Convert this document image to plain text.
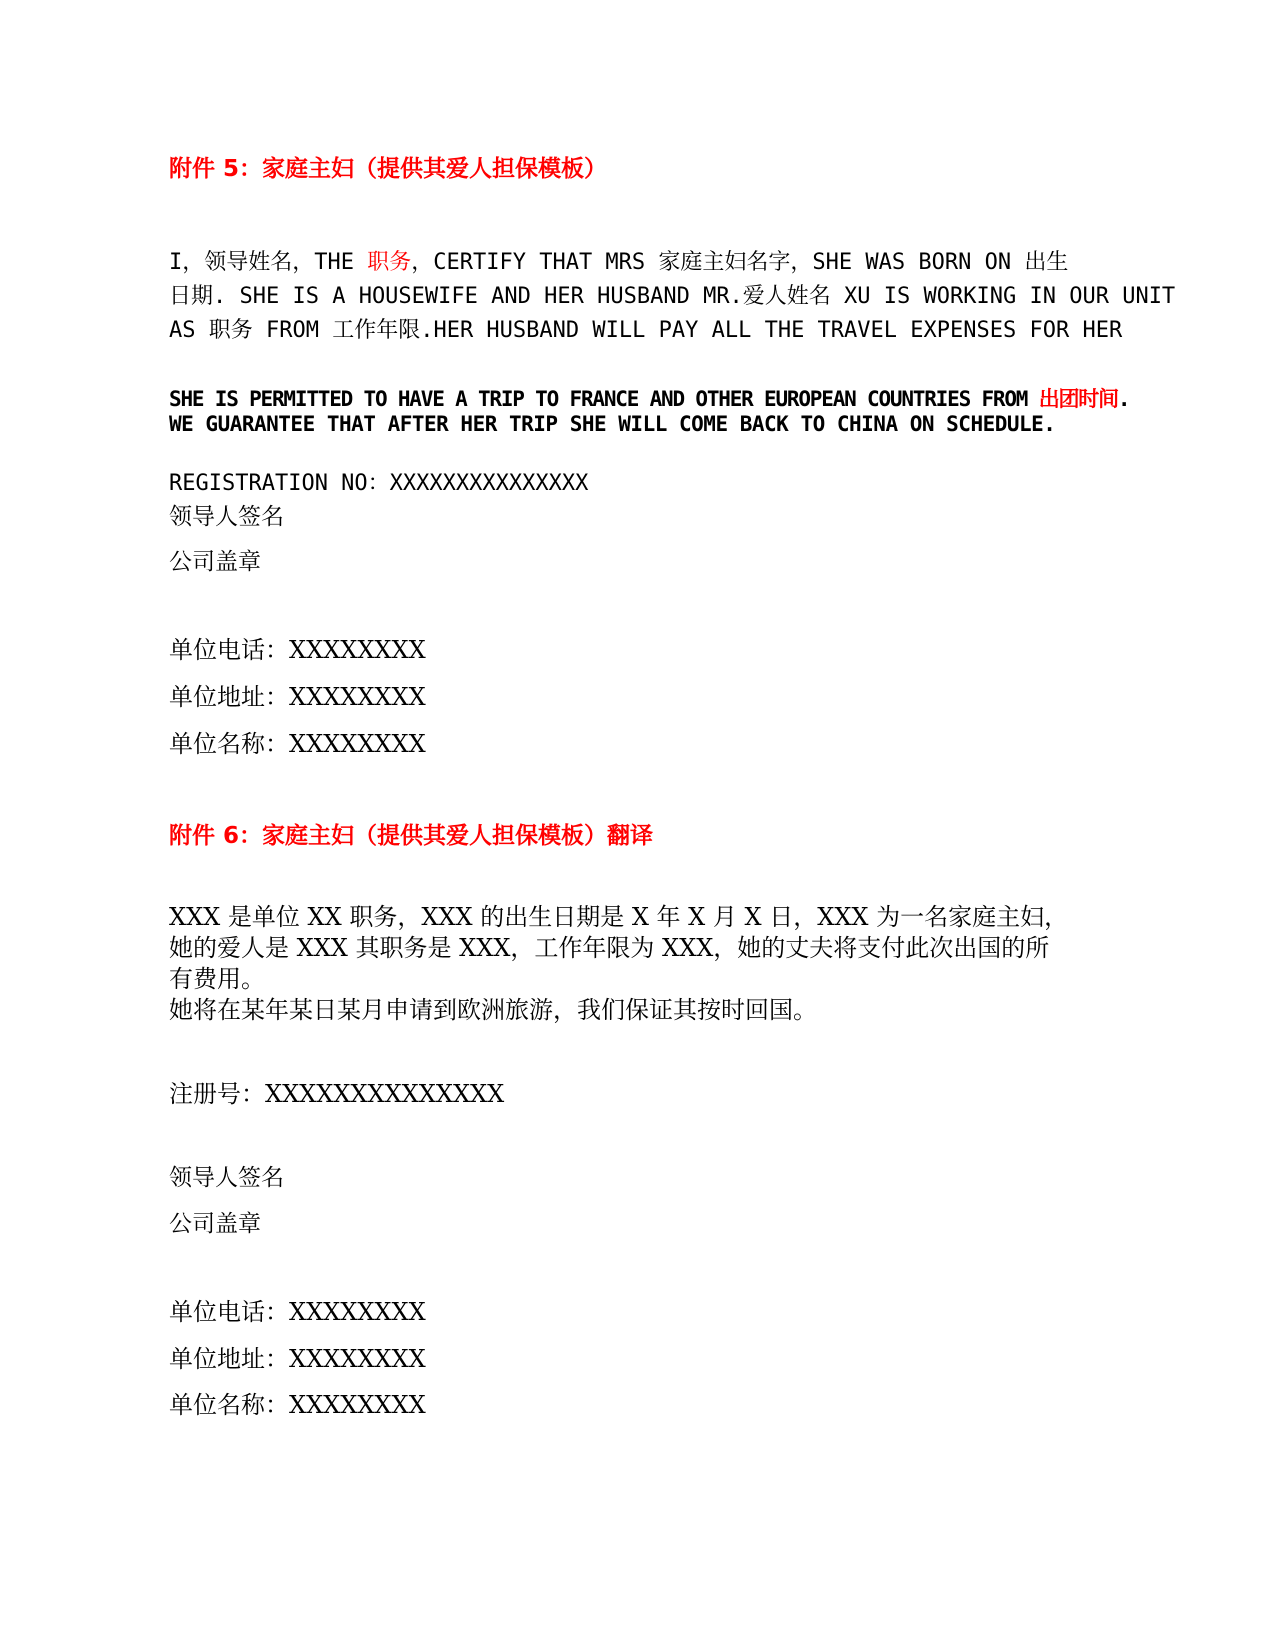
附件 5：家庭主妇（提供其爱人担保模板）
I，领导姓名，THE 职务，CERTIFY THAT MRS 家庭主妇名字，SHE WAS BORN ON 出生
日期. SHE IS A HOUSEWIFE AND HER HUSBAND MR.爱人姓名 XU IS WORKING IN OUR UNIT
AS 职务 FROM 工作年限.HER HUSBAND WILL PAY ALL THE TRAVEL EXPENSES FOR HER
SHE IS PERMITTED TO HAVE A TRIP TO FRANCE AND OTHER EUROPEAN COUNTRIES FROM 出团时间.
WE GUARANTEE THAT AFTER HER TRIP SHE WILL COME BACK TO CHINA ON SCHEDULE.
REGISTRATION NO：XXXXXXXXXXXXXXX
领导人签名
公司盖章
单位电话：XXXXXXXX
单位地址：XXXXXXXX
单位名称：XXXXXXXX
附件 6：家庭主妇（提供其爱人担保模板）翻译
XXX 是单位 XX 职务，XXX 的出生日期是 X 年 X 月 X 日，XXX 为一名家庭主妇，
她的爱人是 XXX 其职务是 XXX，工作年限为 XXX，她的丈夫将支付此次出国的所
有费用。
她将在某年某日某月申请到欧洲旅游，我们保证其按时回国。
注册号：XXXXXXXXXXXXXX
领导人签名
公司盖章
单位电话：XXXXXXXX
单位地址：XXXXXXXX
单位名称：XXXXXXXX
